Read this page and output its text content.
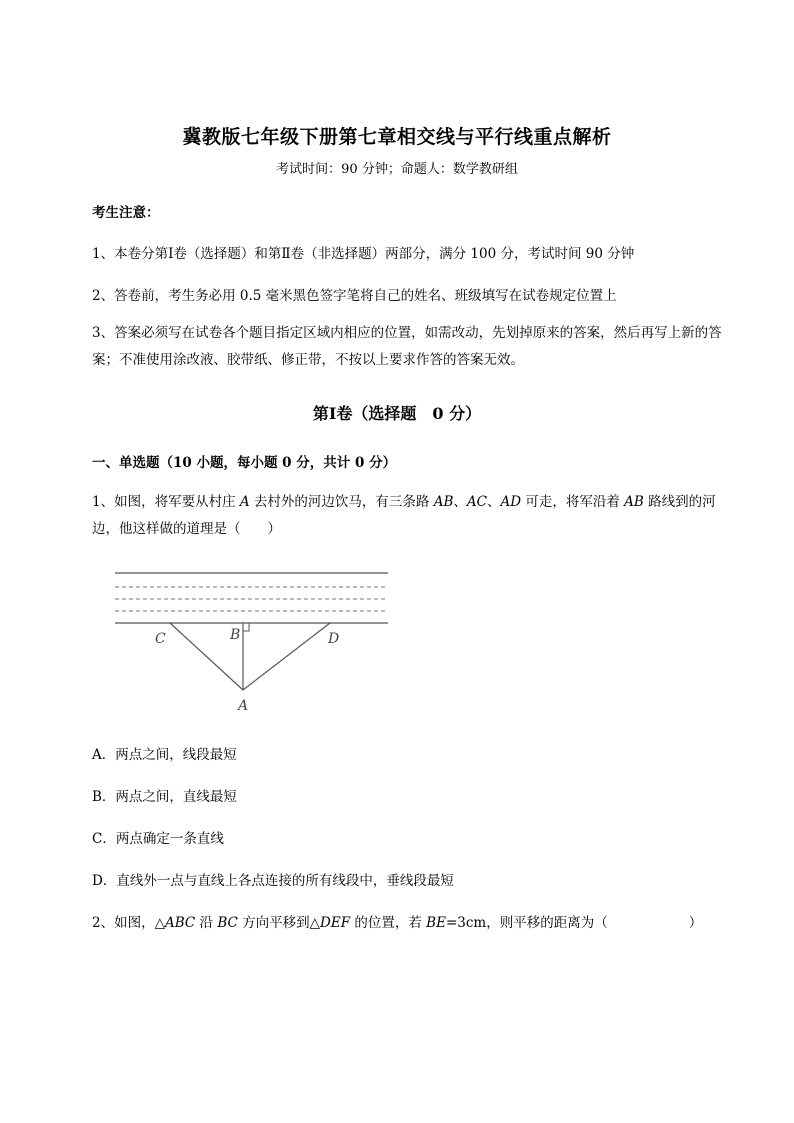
冀教版七年级下册第七章相交线与平行线重点解析
考试时间：90 分钟；命题人：数学教研组
考生注意：
1、本卷分第Ⅰ卷（选择题）和第Ⅱ卷（非选择题）两部分，满分 100 分，考试时间 90 分钟
2、答卷前，考生务必用 0.5 毫米黑色签字笔将自己的姓名、班级填写在试卷规定位置上
3、答案必须写在试卷各个题目指定区域内相应的位置，如需改动，先划掉原来的答案，然后再写上新的答案；不准使用涂改液、胶带纸、修正带，不按以上要求作答的答案无效。
第Ⅰ卷（选择题　0 分）
一、单选题（10 小题，每小题 0 分，共计 0 分）
1、如图，将军要从村庄 A 去村外的河边饮马，有三条路 AB、AC、AD 可走，将军沿着 AB 路线到的河边，他这样做的道理是（　　）
C	B	D
A
A．两点之间，线段最短
B．两点之间，直线最短
C．两点确定一条直线
D．直线外一点与直线上各点连接的所有线段中，垂线段最短
2、如图，△ABC 沿 BC 方向平移到△DEF 的位置，若 BE=3cm，则平移的距离为（　　　　　　）
